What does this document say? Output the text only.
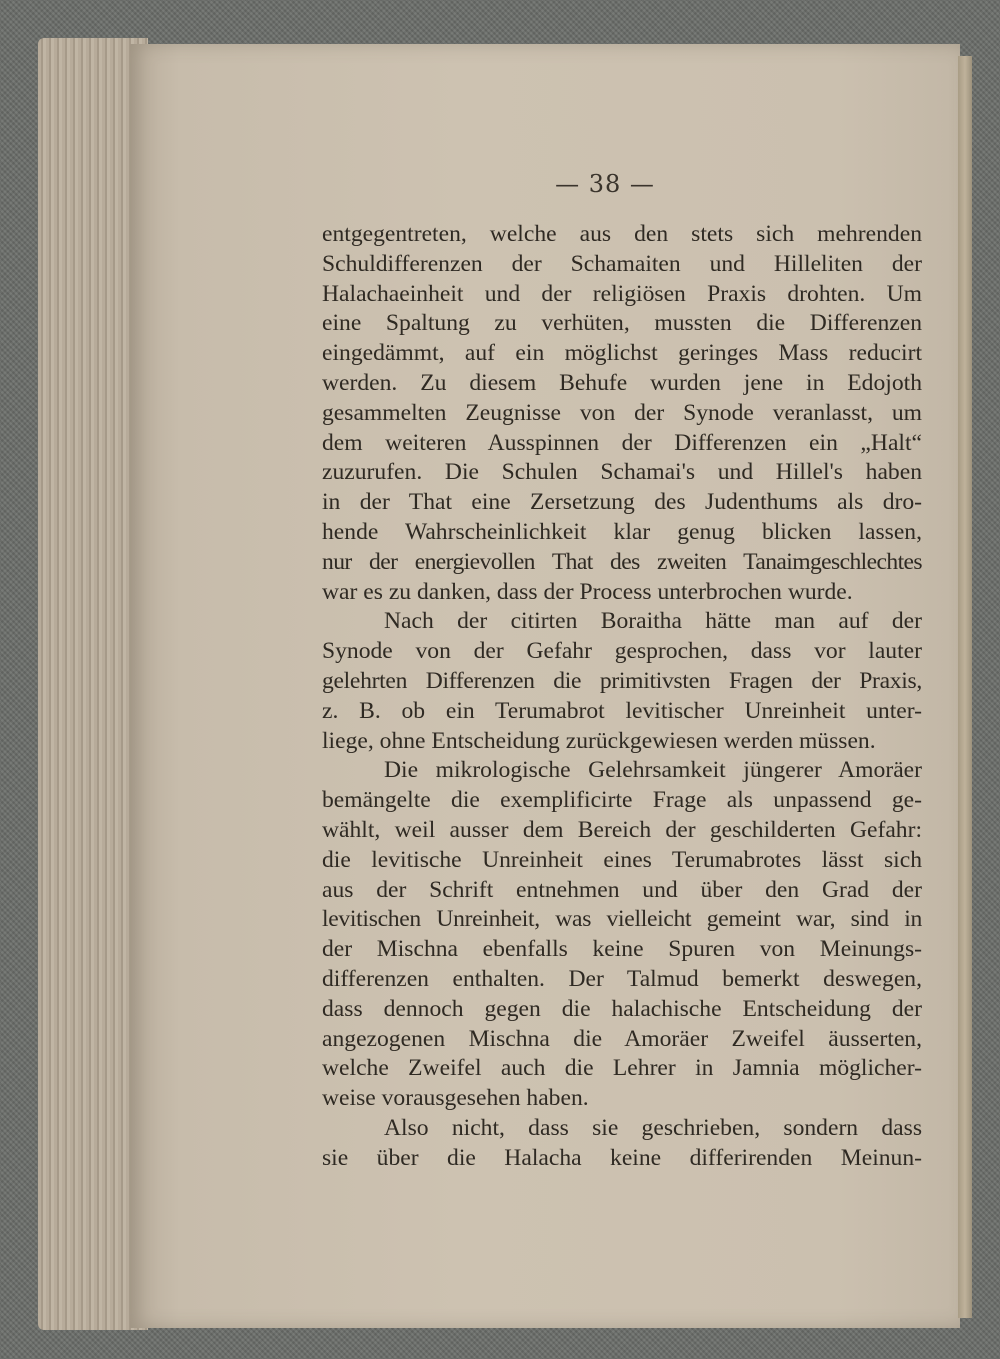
— 38 —
entgegentreten, welche aus den stets sich mehrenden
Schuldifferenzen der Schamaiten und Hilleliten der
Halachaeinheit und der religiösen Praxis drohten. Um
eine Spaltung zu verhüten, mussten die Differenzen
eingedämmt, auf ein möglichst geringes Mass reducirt
werden. Zu diesem Behufe wurden jene in Edojoth
gesammelten Zeugnisse von der Synode veranlasst, um
dem weiteren Ausspinnen der Differenzen ein „Halt“
zuzurufen. Die Schulen Schamai's und Hillel's haben
in der That eine Zersetzung des Judenthums als dro-
hende Wahrscheinlichkeit klar genug blicken lassen,
nur der energievollen That des zweiten Tanaimgeschlechtes
war es zu danken, dass der Process unterbrochen wurde.
Nach der citirten Boraitha hätte man auf der
Synode von der Gefahr gesprochen, dass vor lauter
gelehrten Differenzen die primitivsten Fragen der Praxis,
z. B. ob ein Terumabrot levitischer Unreinheit unter-
liege, ohne Entscheidung zurückgewiesen werden müssen.
Die mikrologische Gelehrsamkeit jüngerer Amoräer
bemängelte die exemplificirte Frage als unpassend ge-
wählt, weil ausser dem Bereich der geschilderten Gefahr:
die levitische Unreinheit eines Terumabrotes lässt sich
aus der Schrift entnehmen und über den Grad der
levitischen Unreinheit, was vielleicht gemeint war, sind in
der Mischna ebenfalls keine Spuren von Meinungs-
differenzen enthalten. Der Talmud bemerkt deswegen,
dass dennoch gegen die halachische Entscheidung der
angezogenen Mischna die Amoräer Zweifel äusserten,
welche Zweifel auch die Lehrer in Jamnia möglicher-
weise vorausgesehen haben.
Also nicht, dass sie geschrieben, sondern dass
sie über die Halacha keine differirenden Meinun-
